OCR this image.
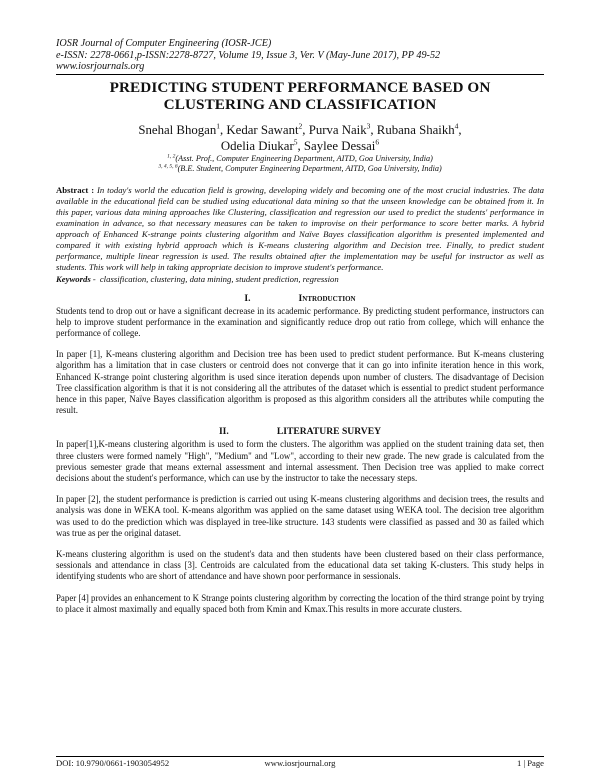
IOSR Journal of Computer Engineering (IOSR-JCE)
e-ISSN: 2278-0661,p-ISSN:2278-8727, Volume 19, Issue 3, Ver. V (May-June 2017), PP 49-52
www.iosrjournals.org
PREDICTING STUDENT PERFORMANCE BASED ON
CLUSTERING AND CLASSIFICATION
Snehal Bhogan$^1$, Kedar Sawant$^2$, Purva Naik$^3$, Rubana Shaikh$^4$,
Odelia Diukar$^5$, Saylee Dessai$^6$
$^{1, 2}$(Asst. Prof., Computer Engineering Department, AITD, Goa University, India)
$^{3, 4, 5, 6}$(B.E. Student, Computer Engineering Department, AITD, Goa University, India)
Abstract : In today's world the education field is growing, developing widely and becoming one of the most crucial industries. The data available in the educational field can be studied using educational data mining so that the unseen knowledge can be obtained from it. In this paper, various data mining approaches like Clustering, classification and regression our used to predict the students' performance in examination in advance, so that necessary measures can be taken to improvise on their performance to score better marks. A hybrid approach of Enhanced K-strange points clustering algorithm and Naïve Bayes classification algorithm is presented implemented and compared it with existing hybrid approach which is K-means clustering algorithm and Decision tree. Finally, to predict student performance, multiple linear regression is used. The results obtained after the implementation may be useful for instructor as well as students. This work will help in taking appropriate decision to improve student's performance.
Keywords - classification, clustering, data mining, student prediction, regression
I.	Introduction
Students tend to drop out or have a significant decrease in its academic performance. By predicting student performance, instructors can help to improve student performance in the examination and significantly reduce drop out ratio from college, which will enhance the performance of college.
In paper [1], K-means clustering algorithm and Decision tree has been used to predict student performance. But K-means clustering algorithm has a limitation that in case clusters or centroid does not converge that it can go into infinite iteration hence in this work, Enhanced K-strange point clustering algorithm is used since iteration depends upon number of clusters. The disadvantage of Decision Tree classification algorithm is that it is not considering all the attributes of the dataset which is essential to predict student performance hence in this paper, Naïve Bayes classification algorithm is proposed as this algorithm considers all the attributes while computing the result.
II.	LITERATURE SURVEY
In paper[1],K-means clustering algorithm is used to form the clusters. The algorithm was applied on the student training data set, then three clusters were formed namely "High", "Medium" and "Low", according to their new grade. The new grade is calculated from the previous semester grade that means external assessment and internal assessment. Then Decision tree was applied to make correct decisions about the student's performance, which can use by the instructor to take the necessary steps.
In paper [2], the student performance is prediction is carried out using K-means clustering algorithms and decision trees, the results and analysis was done in WEKA tool. K-means algorithm was applied on the same dataset using WEKA tool. The decision tree algorithm was used to do the prediction which was displayed in tree-like structure. 143 students were classified as passed and 30 as failed which was true as per the original dataset.
K-means clustering algorithm is used on the student's data and then students have been clustered based on their class performance, sessionals and attendance in class [3]. Centroids are calculated from the educational data set taking K-clusters. This study helps in identifying students who are short of attendance and have shown poor performance in sessionals.
Paper [4] provides an enhancement to K Strange points clustering algorithm by correcting the location of the third strange point by trying to place it almost maximally and equally spaced both from Kmin and Kmax.This results in more accurate clusters.
DOI: 10.9790/0661-1903054952	www.iosrjournal.org	1 | Page
